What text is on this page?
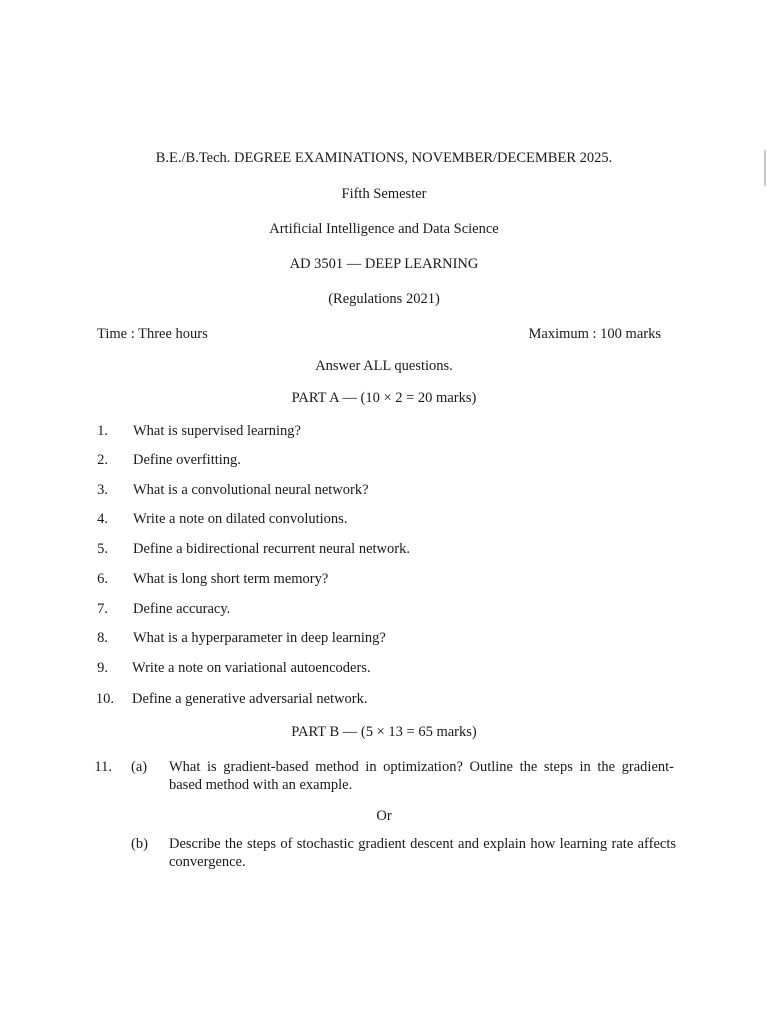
B.E./B.Tech. DEGREE EXAMINATIONS, NOVEMBER/DECEMBER 2025.
Fifth Semester
Artificial Intelligence and Data Science
AD 3501 — DEEP LEARNING
(Regulations 2021)
Time : Three hours	Maximum : 100 marks
Answer ALL questions.
PART A — (10 × 2 = 20 marks)
1. What is supervised learning?
2. Define overfitting.
3. What is a convolutional neural network?
4. Write a note on dilated convolutions.
5. Define a bidirectional recurrent neural network.
6. What is long short term memory?
7. Define accuracy.
8. What is a hyperparameter in deep learning?
9. Write a note on variational autoencoders.
10. Define a generative adversarial network.
PART B — (5 × 13 = 65 marks)
11. (a) What is gradient-based method in optimization? Outline the steps in the gradient-based method with an example.
Or
(b) Describe the steps of stochastic gradient descent and explain how learning rate affects convergence.
